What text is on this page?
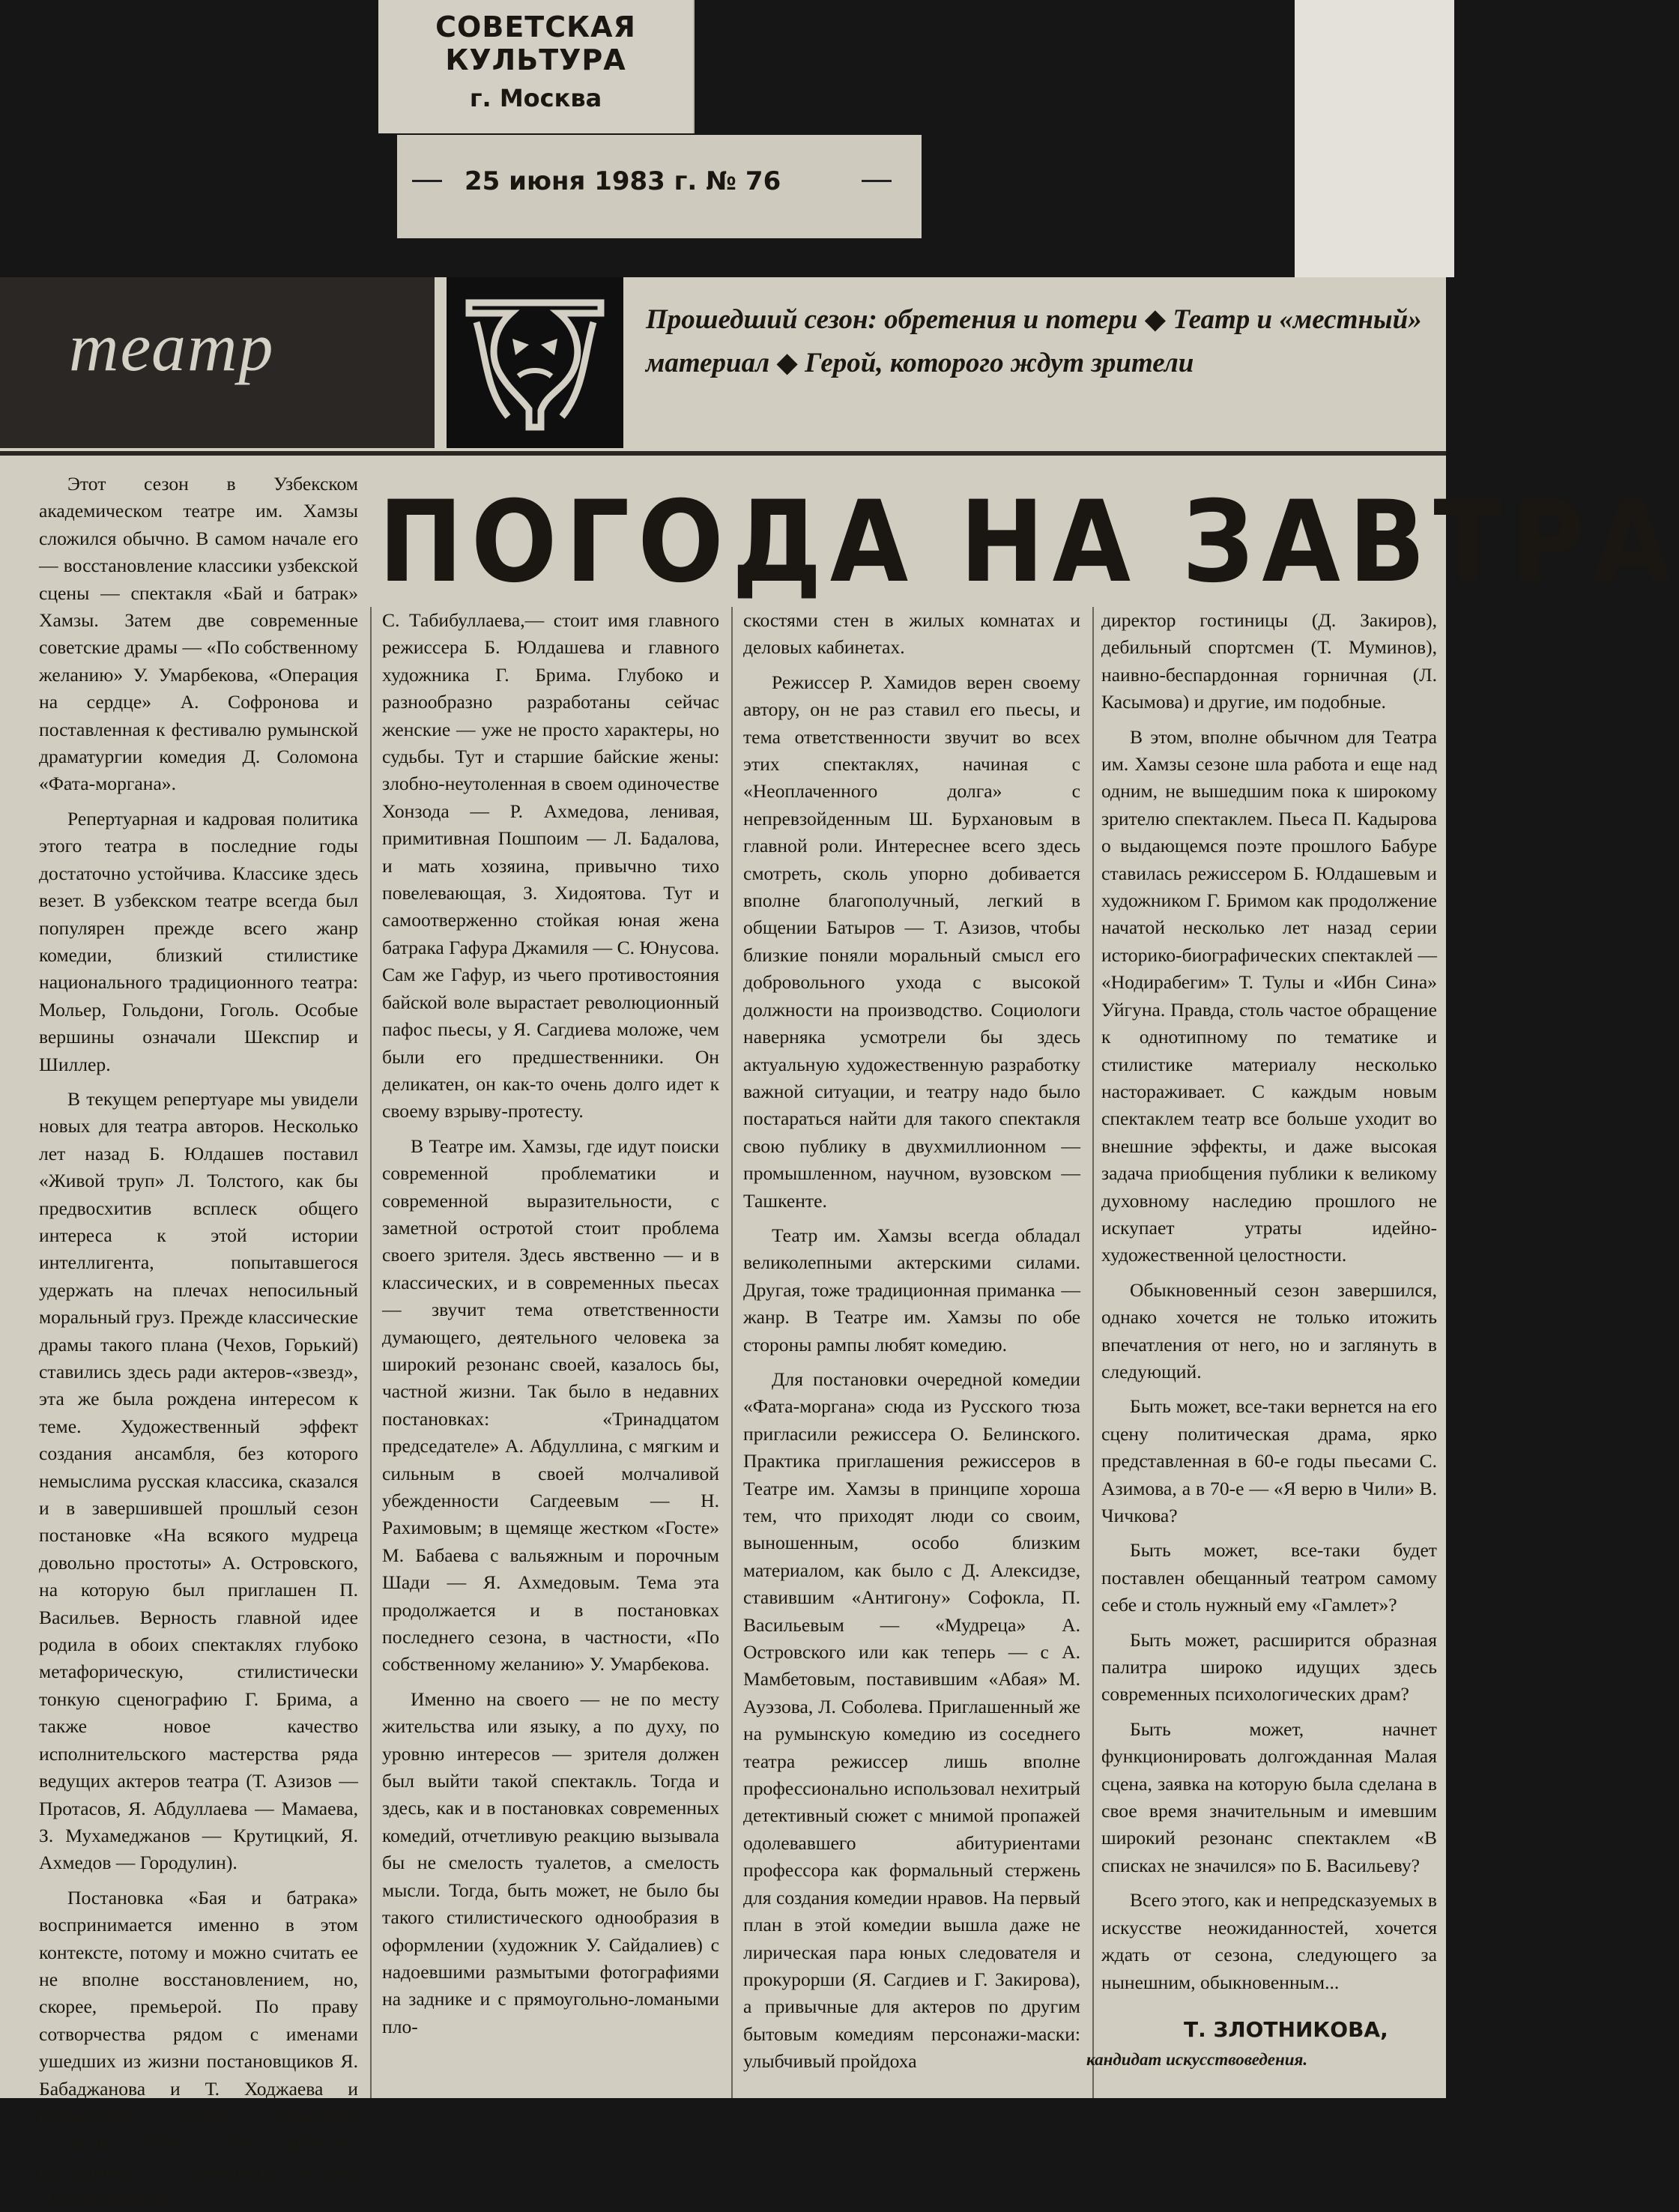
СОВЕТСКАЯ КУЛЬТУРА
г. Москва
25 июня 1983 г. № 76
театр	Прошедший сезон: обретения и потери ◆ Театр и «местный» материал ◆ Герой, которого ждут зрители
ПОГОДА НА ЗАВТРА

Этот сезон в Узбекском академическом театре им. Хамзы сложился обычно. В самом начале его — восстановление классики узбекской сцены — спектакля «Бай и батрак» Хамзы. Затем две современные советские драмы — «По собственному желанию» У. Умарбекова, «Операция на сердце» А. Софронова и поставленная к фестивалю румынской драматургии комедия Д. Соломона «Фата-моргана».

Репертуарная и кадровая политика этого театра в последние годы достаточно устойчива. Классике здесь везет. В узбекском театре всегда был популярен прежде всего жанр комедии, близкий стилистике национального традиционного театра: Мольер, Гольдони, Гоголь. Особые вершины означали Шекспир и Шиллер.

В текущем репертуаре мы увидели новых для театра авторов. Несколько лет назад Б. Юлдашев поставил «Живой труп» Л. Толстого, как бы предвосхитив всплеск общего интереса к этой истории интеллигента, попытавшегося удержать на плечах непосильный моральный груз. Прежде классические драмы такого плана (Чехов, Горький) ставились здесь ради актеров-«звезд», эта же была рождена интересом к теме. Художественный эффект создания ансамбля, без которого немыслима русская классика, сказался и в завершившей прошлый сезон постановке «На всякого мудреца довольно простоты» А. Островского, на которую был приглашен П. Васильев. Верность главной идее родила в обоих спектаклях глубоко метафорическую, стилистически тонкую сценографию Г. Брима, а также новое качество исполнительского мастерства ряда ведущих актеров театра (Т. Азизов — Протасов, Я. Абдуллаева — Мамаева, З. Мухамеджанов — Крутицкий, Я. Ахмедов — Городулин).

Постановка «Бая и батрака» воспринимается именно в этом контексте, потому и можно считать ее не вполне восстановлением, но, скорее, премьерой. По праву сотворчества рядом с именами ушедших из жизни постановщиков Я. Бабаджанова и Т. Ходжаева и режиссеров новой редакции, игравших главные роли в прежних постановках — знаменитых актеров Ш. Бурханова и

С. Табибуллаева,— стоит имя главного режиссера Б. Юлдашева и главного художника Г. Брима. Глубоко и разнообразно разработаны сейчас женские — уже не просто характеры, но судьбы. Тут и старшие байские жены: злобно-неутоленная в своем одиночестве Хонзода — Р. Ахмедова, ленивая, примитивная Пошпоим — Л. Бадалова, и мать хозяина, привычно тихо повелевающая, З. Хидоятова. Тут и самоотверженно стойкая юная жена батрака Гафура Джамиля — С. Юнусова. Сам же Гафур, из чьего противостояния байской воле вырастает революционный пафос пьесы, у Я. Сагдиева моложе, чем были его предшественники. Он деликатен, он как-то очень долго идет к своему взрыву-протесту.

В Театре им. Хамзы, где идут поиски современной проблематики и современной выразительности, с заметной остротой стоит проблема своего зрителя. Здесь явственно — и в классических, и в современных пьесах — звучит тема ответственности думающего, деятельного человека за широкий резонанс своей, казалось бы, частной жизни. Так было в недавних постановках: «Тринадцатом председателе» А. Абдуллина, с мягким и сильным в своей молчаливой убежденности Сагдеевым — Н. Рахимовым; в щемяще жестком «Госте» М. Бабаева с вальяжным и порочным Шади — Я. Ахмедовым. Тема эта продолжается и в постановках последнего сезона, в частности, «По собственному желанию» У. Умарбекова.

Именно на своего — не по месту жительства или языку, а по духу, по уровню интересов — зрителя должен был выйти такой спектакль. Тогда и здесь, как и в постановках современных комедий, отчетливую реакцию вызывала бы не смелость туалетов, а смелость мысли. Тогда, быть может, не было бы такого стилистического однообразия в оформлении (художник У. Сайдалиев) с надоевшими размытыми фотографиями на заднике и с прямоугольно-ломаными пло-

скостями стен в жилых комнатах и деловых кабинетах.

Режиссер Р. Хамидов верен своему автору, он не раз ставил его пьесы, и тема ответственности звучит во всех этих спектаклях, начиная с «Неоплаченного долга» с непревзойденным Ш. Бурхановым в главной роли. Интереснее всего здесь смотреть, сколь упорно добивается вполне благополучный, легкий в общении Батыров — Т. Азизов, чтобы близкие поняли моральный смысл его добровольного ухода с высокой должности на производство. Социологи наверняка усмотрели бы здесь актуальную художественную разработку важной ситуации, и театру надо было постараться найти для такого спектакля свою публику в двухмиллионном — промышленном, научном, вузовском — Ташкенте.

Театр им. Хамзы всегда обладал великолепными актерскими силами. Другая, тоже традиционная приманка — жанр. В Театре им. Хамзы по обе стороны рампы любят комедию.

Для постановки очередной комедии «Фата-моргана» сюда из Русского тюза пригласили режиссера О. Белинского. Практика приглашения режиссеров в Театре им. Хамзы в принципе хороша тем, что приходят люди со своим, выношенным, особо близким материалом, как было с Д. Алексидзе, ставившим «Антигону» Софокла, П. Васильевым — «Мудреца» А. Островского или как теперь — с А. Мамбетовым, поставившим «Абая» М. Ауэзова, Л. Соболева. Приглашенный же на румынскую комедию из соседнего театра режиссер лишь вполне профессионально использовал нехитрый детективный сюжет с мнимой пропажей одолевавшего абитуриентами профессора как формальный стержень для создания комедии нравов. На первый план в этой комедии вышла даже не лирическая пара юных следователя и прокурорши (Я. Сагдиев и Г. Закирова), а привычные для актеров по другим бытовым комедиям персонажи-маски: улыбчивый пройдоха

директор гостиницы (Д. Закиров), дебильный спортсмен (Т. Муминов), наивно-беспардонная горничная (Л. Касымова) и другие, им подобные.

В этом, вполне обычном для Театра им. Хамзы сезоне шла работа и еще над одним, не вышедшим пока к широкому зрителю спектаклем. Пьеса П. Кадырова о выдающемся поэте прошлого Бабуре ставилась режиссером Б. Юлдашевым и художником Г. Бримом как продолжение начатой несколько лет назад серии историко-биографических спектаклей — «Нодирабегим» Т. Тулы и «Ибн Сина» Уйгуна. Правда, столь частое обращение к однотипному по тематике и стилистике материалу несколько настораживает. С каждым новым спектаклем театр все больше уходит во внешние эффекты, и даже высокая задача приобщения публики к великому духовному наследию прошлого не искупает утраты идейно-художественной целостности.

Обыкновенный сезон завершился, однако хочется не только итожить впечатления от него, но и заглянуть в следующий.

Быть может, все-таки вернется на его сцену политическая драма, ярко представленная в 60-е годы пьесами С. Азимова, а в 70-е — «Я верю в Чили» В. Чичкова?

Быть может, все-таки будет поставлен обещанный театром самому себе и столь нужный ему «Гамлет»?

Быть может, расширится образная палитра широко идущих здесь современных психологических драм?

Быть может, начнет функционировать долгожданная Малая сцена, заявка на которую была сделана в свое время значительным и имевшим широкий резонанс спектаклем «В списках не значился» по Б. Васильеву?

Всего этого, как и непредсказуемых в искусстве неожиданностей, хочется ждать от сезона, следующего за нынешним, обыкновенным...

Т. ЗЛОТНИКОВА,
кандидат искусствоведения.
